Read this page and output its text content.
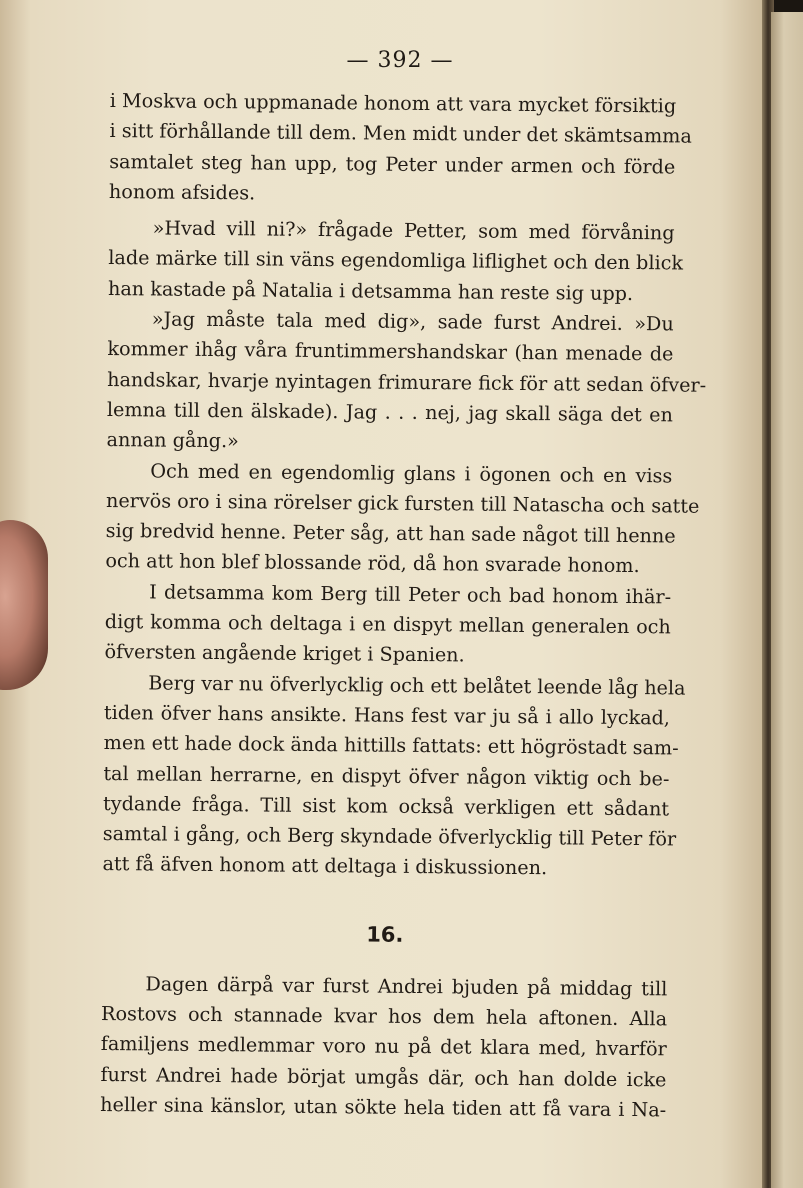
— 392 —

i Moskva och uppmanade honom att vara mycket försiktig
i sitt förhållande till dem. Men midt under det skämtsamma
samtalet steg han upp, tog Peter under armen och förde
honom afsides.

»Hvad vill ni?» frågade Petter, som med förvåning
lade märke till sin väns egendomliga liflighet och den blick
han kastade på Natalia i detsamma han reste sig upp.

»Jag måste tala med dig», sade furst Andrei. »Du
kommer ihåg våra fruntimmershandskar (han menade de
handskar, hvarje nyintagen frimurare fick för att sedan öfver-
lemna till den älskade). Jag . . . nej, jag skall säga det en
annan gång.»

Och med en egendomlig glans i ögonen och en viss
nervös oro i sina rörelser gick fursten till Natascha och satte
sig bredvid henne. Peter såg, att han sade något till henne
och att hon blef blossande röd, då hon svarade honom.

I detsamma kom Berg till Peter och bad honom ihär-
digt komma och deltaga i en dispyt mellan generalen och
öfversten angående kriget i Spanien.

Berg var nu öfverlycklig och ett belåtet leende låg hela
tiden öfver hans ansikte. Hans fest var ju så i allo lyckad,
men ett hade dock ända hittills fattats: ett högröstadt sam-
tal mellan herrarne, en dispyt öfver någon viktig och be-
tydande fråga. Till sist kom också verkligen ett sådant
samtal i gång, och Berg skyndade öfverlycklig till Peter för
att få äfven honom att deltaga i diskussionen.

16.

Dagen därpå var furst Andrei bjuden på middag till
Rostovs och stannade kvar hos dem hela aftonen. Alla
familjens medlemmar voro nu på det klara med, hvarför
furst Andrei hade börjat umgås där, och han dolde icke
heller sina känslor, utan sökte hela tiden att få vara i Na-
